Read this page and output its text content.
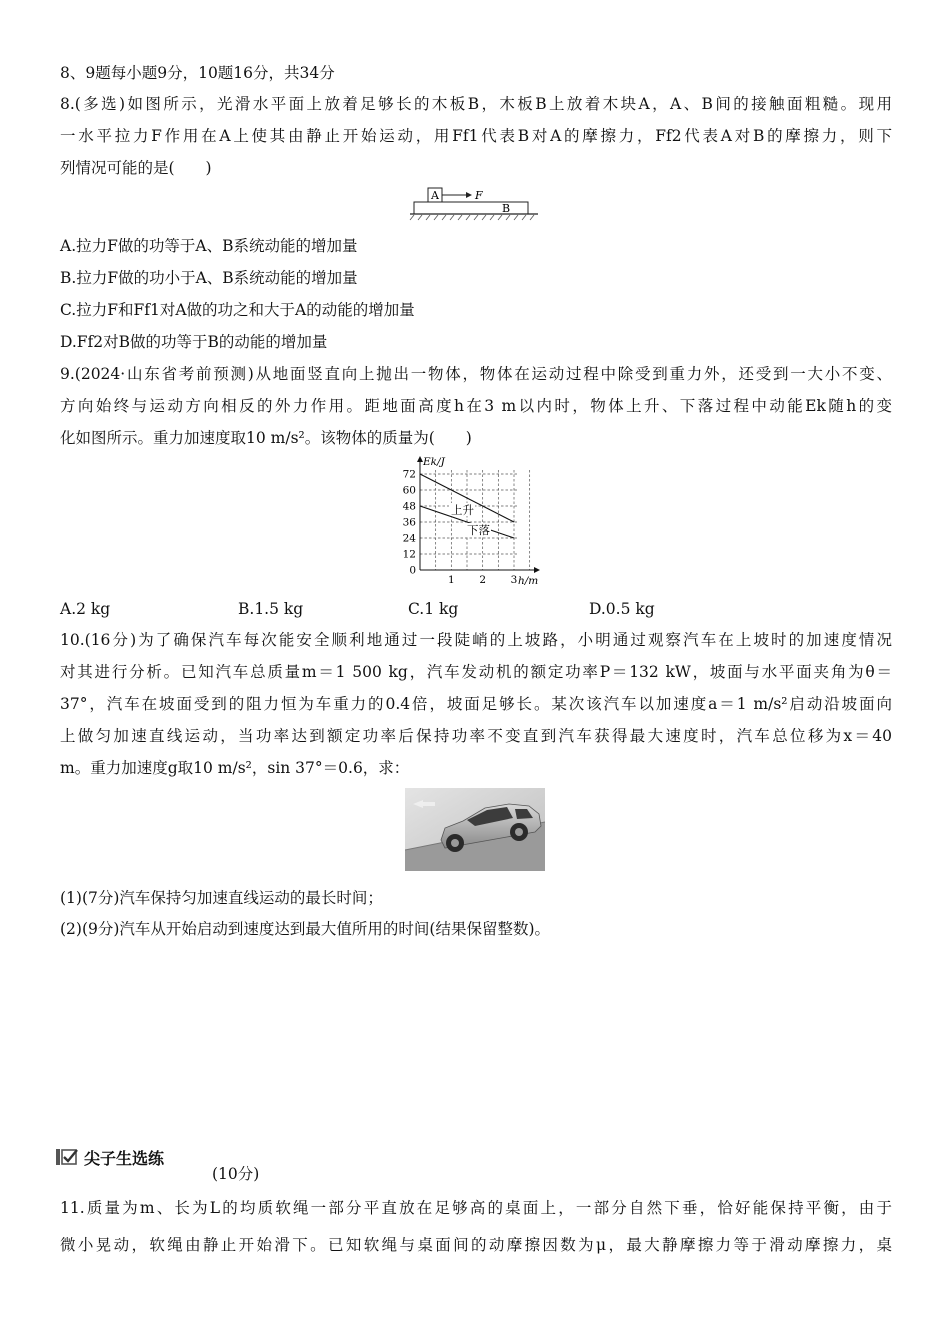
8、9题每小题9分，10题16分，共34分
8.(多选)如图所示，光滑水平面上放着足够长的木板B，木板B上放着木块A，A、B间的接触面粗糙。现用
一水平拉力F作用在A上使其由静止开始运动，用Ff1代表B对A的摩擦力，Ff2代表A对B的摩擦力，则下
列情况可能的是(　　)
A	F
B
A.拉力F做的功等于A、B系统动能的增加量
B.拉力F做的功小于A、B系统动能的增加量
C.拉力F和Ff1对A做的功之和大于A的动能的增加量
D.Ff2对B做的功等于B的动能的增加量
9.(2024·山东省考前预测)从地面竖直向上抛出一物体，物体在运动过程中除受到重力外，还受到一大小不变、
方向始终与运动方向相反的外力作用。距地面高度h在3 m以内时，物体上升、下落过程中动能Ek随h的变
化如图所示。重力加速度取10 m/s²。该物体的质量为(　　)
0
12
24
36
48
60
72
1 2 3
Ek/J
h/m
上升
下落
A.2 kg	B.1.5 kg	C.1 kg	D.0.5 kg
10.(16分)为了确保汽车每次能安全顺利地通过一段陡峭的上坡路，小明通过观察汽车在上坡时的加速度情况
对其进行分析。已知汽车总质量m＝1 500 kg，汽车发动机的额定功率P＝132 kW，坡面与水平面夹角为θ＝
37°，汽车在坡面受到的阻力恒为车重力的0.4倍，坡面足够长。某次该汽车以加速度a＝1 m/s²启动沿坡面向
上做匀加速直线运动，当功率达到额定功率后保持功率不变直到汽车获得最大速度时，汽车总位移为x＝40
m。重力加速度g取10 m/s²，sin 37°＝0.6，求：
(1)(7分)汽车保持匀加速直线运动的最长时间；
(2)(9分)汽车从开始启动到速度达到最大值所用的时间(结果保留整数)。
尖子生选练
(10分)
11.质量为m、长为L的均质软绳一部分平直放在足够高的桌面上，一部分自然下垂，恰好能保持平衡，由于
微小晃动，软绳由静止开始滑下。已知软绳与桌面间的动摩擦因数为μ，最大静摩擦力等于滑动摩擦力，桌
